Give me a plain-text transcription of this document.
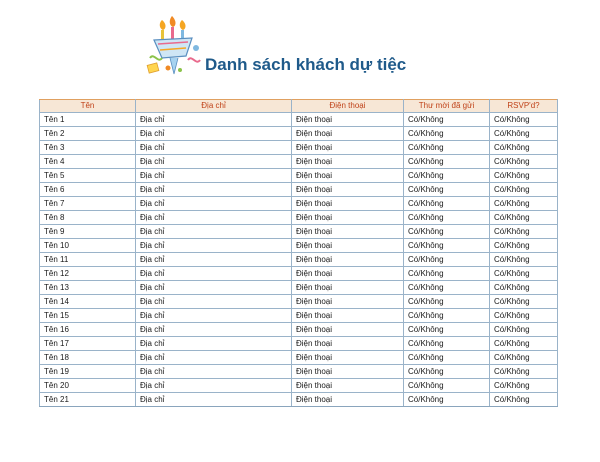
Danh sách khách dự tiệc
Tên	Địa chỉ	Điện thoại	Thư mời đã gửi	RSVP'd?
Tên 1	Địa chỉ	Điện thoại	Có/Không	Có/Không
Tên 2	Địa chỉ	Điện thoại	Có/Không	Có/Không
Tên 3	Địa chỉ	Điện thoại	Có/Không	Có/Không
Tên 4	Địa chỉ	Điện thoại	Có/Không	Có/Không
Tên 5	Địa chỉ	Điện thoại	Có/Không	Có/Không
Tên 6	Địa chỉ	Điện thoại	Có/Không	Có/Không
Tên 7	Địa chỉ	Điện thoại	Có/Không	Có/Không
Tên 8	Địa chỉ	Điện thoại	Có/Không	Có/Không
Tên 9	Địa chỉ	Điện thoại	Có/Không	Có/Không
Tên 10	Địa chỉ	Điện thoại	Có/Không	Có/Không
Tên 11	Địa chỉ	Điện thoại	Có/Không	Có/Không
Tên 12	Địa chỉ	Điện thoại	Có/Không	Có/Không
Tên 13	Địa chỉ	Điện thoại	Có/Không	Có/Không
Tên 14	Địa chỉ	Điện thoại	Có/Không	Có/Không
Tên 15	Địa chỉ	Điện thoại	Có/Không	Có/Không
Tên 16	Địa chỉ	Điện thoại	Có/Không	Có/Không
Tên 17	Địa chỉ	Điện thoại	Có/Không	Có/Không
Tên 18	Địa chỉ	Điện thoại	Có/Không	Có/Không
Tên 19	Địa chỉ	Điện thoại	Có/Không	Có/Không
Tên 20	Địa chỉ	Điện thoại	Có/Không	Có/Không
Tên 21	Địa chỉ	Điện thoại	Có/Không	Có/Không
